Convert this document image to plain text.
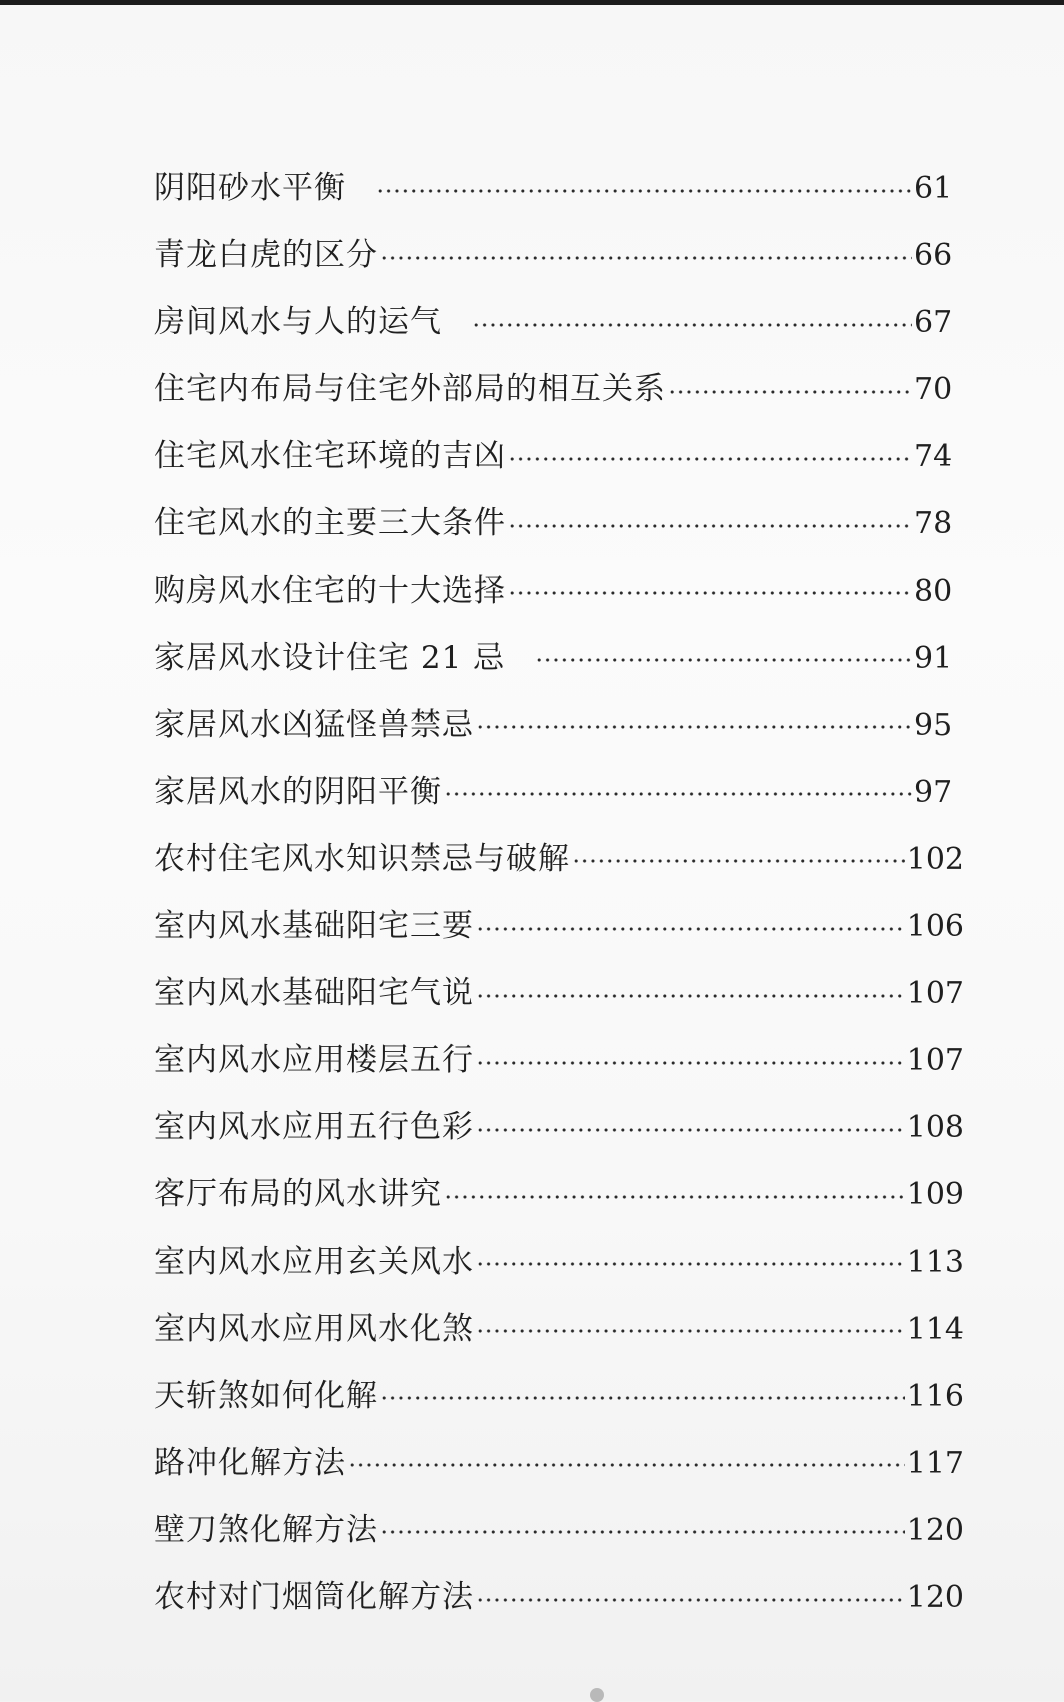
阴阳砂水平衡	61
青龙白虎的区分	66
房间风水与人的运气	67
住宅内布局与住宅外部局的相互关系	70
住宅风水住宅环境的吉凶	74
住宅风水的主要三大条件	78
购房风水住宅的十大选择	80
家居风水设计住宅 21 忌	91
家居风水凶猛怪兽禁忌	95
家居风水的阴阳平衡	97
农村住宅风水知识禁忌与破解	102
室内风水基础阳宅三要	106
室内风水基础阳宅气说	107
室内风水应用楼层五行	107
室内风水应用五行色彩	108
客厅布局的风水讲究	109
室内风水应用玄关风水	113
室内风水应用风水化煞	114
天斩煞如何化解	116
路冲化解方法	117
壁刀煞化解方法	120
农村对门烟筒化解方法	120
